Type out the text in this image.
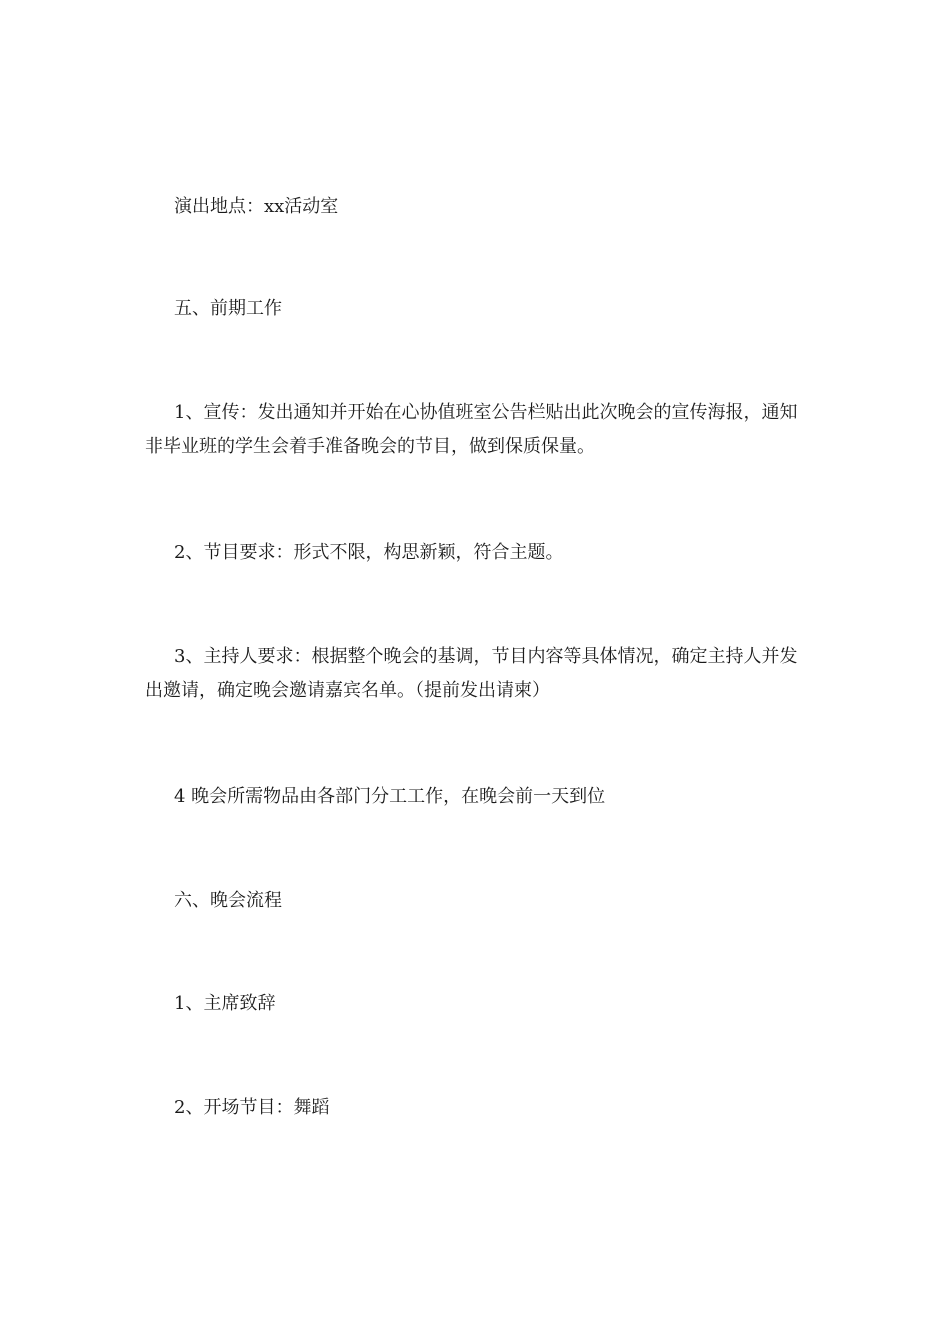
演出地点：xx活动室

五、前期工作

1、宣传：发出通知并开始在心协值班室公告栏贴出此次晚会的宣传海报，通知非毕业班的学生会着手准备晚会的节目，做到保质保量。

2、节目要求：形式不限，构思新颖，符合主题。

3、主持人要求：根据整个晚会的基调，节目内容等具体情况，确定主持人并发出邀请，确定晚会邀请嘉宾名单。（提前发出请柬）

4 晚会所需物品由各部门分工工作，在晚会前一天到位

六、晚会流程

1、主席致辞

2、开场节目：舞蹈
